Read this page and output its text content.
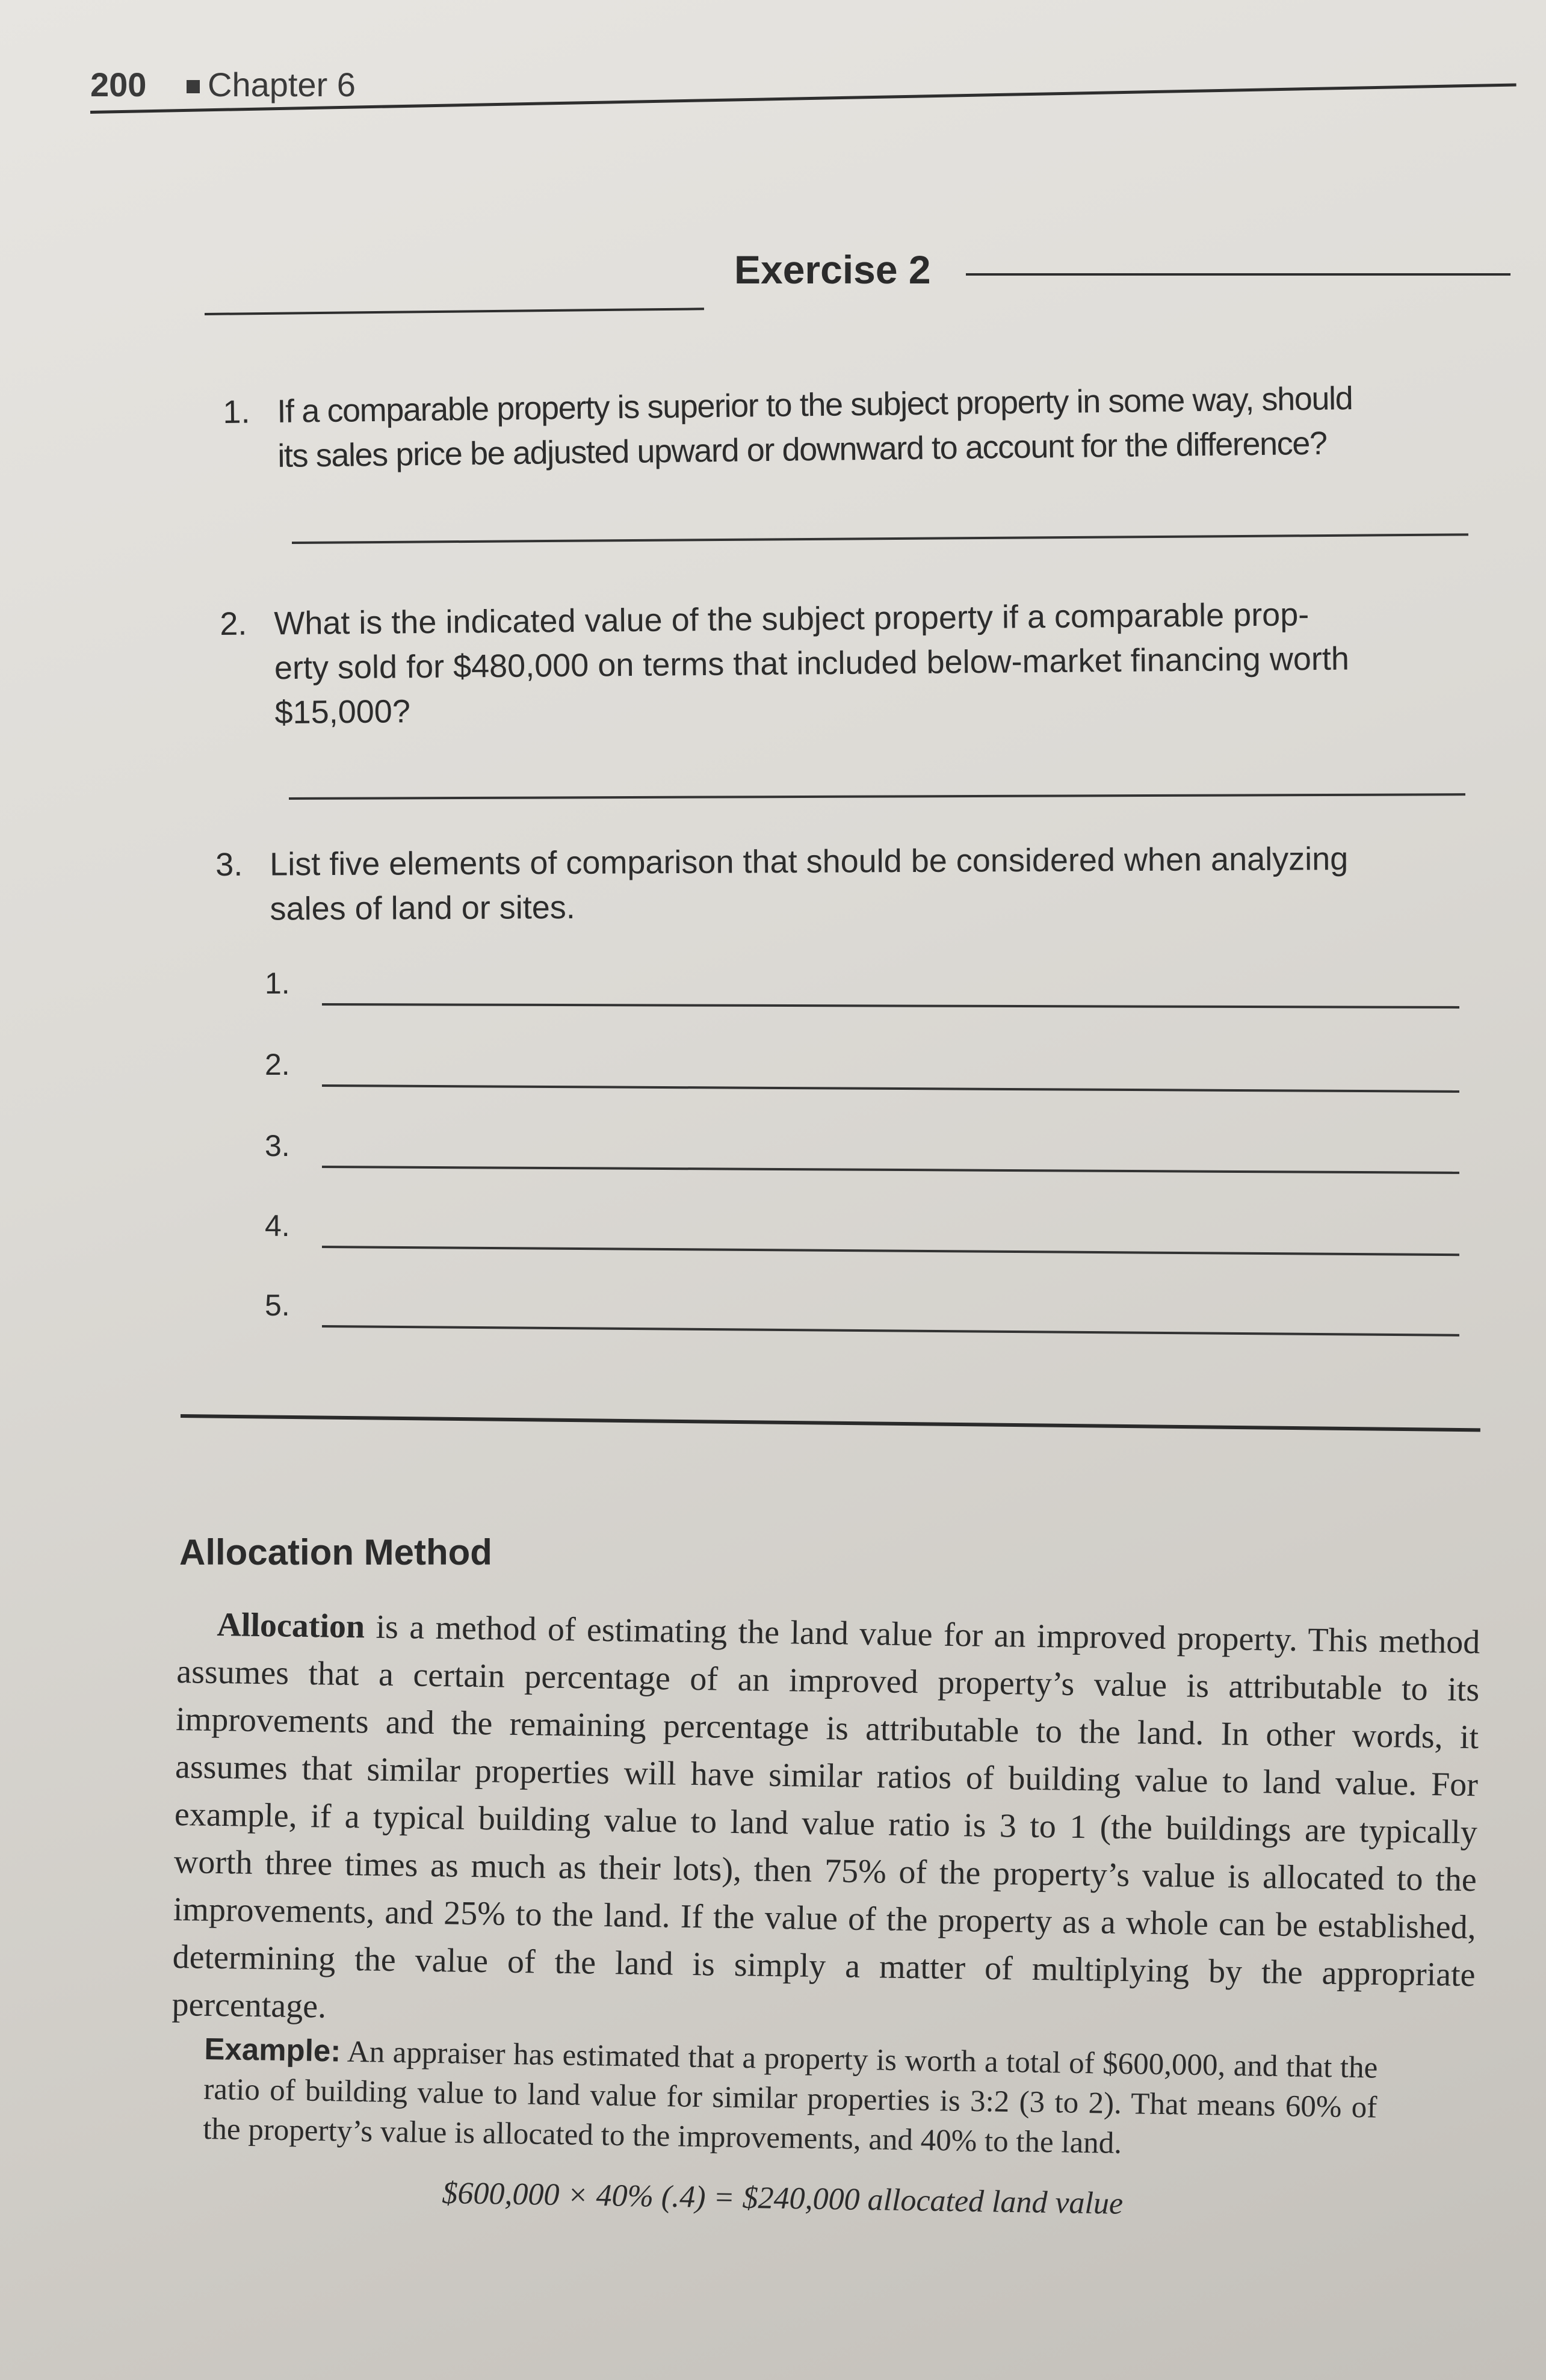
200 Chapter 6
Exercise 2
1. If a comparable property is superior to the subject property in some way, should
its sales price be adjusted upward or downward to account for the difference?
2. What is the indicated value of the subject property if a comparable prop-
erty sold for $480,000 on terms that included below-market financing worth
$15,000?
3. List five elements of comparison that should be considered when analyzing
sales of land or sites.
1.
2.
3.
4.
5.
Allocation Method
Allocation is a method of estimating the land value for an improved property. This method assumes that a certain percentage of an improved property’s value is attributable to its improvements and the remaining percentage is attributable to the land. In other words, it assumes that similar properties will have similar ratios of building value to land value. For example, if a typical building value to land value ratio is 3 to 1 (the buildings are typically worth three times as much as their lots), then 75% of the property’s value is allocated to the improvements, and 25% to the land. If the value of the property as a whole can be established, determining the value of the land is simply a matter of multiplying by the appropriate percentage.
Example: An appraiser has estimated that a property is worth a total of $600,000, and that the ratio of building value to land value for similar properties is 3:2 (3 to 2). That means 60% of the property’s value is allocated to the improvements, and 40% to the land.
$600,000 × 40% (.4) = $240,000 allocated land value
